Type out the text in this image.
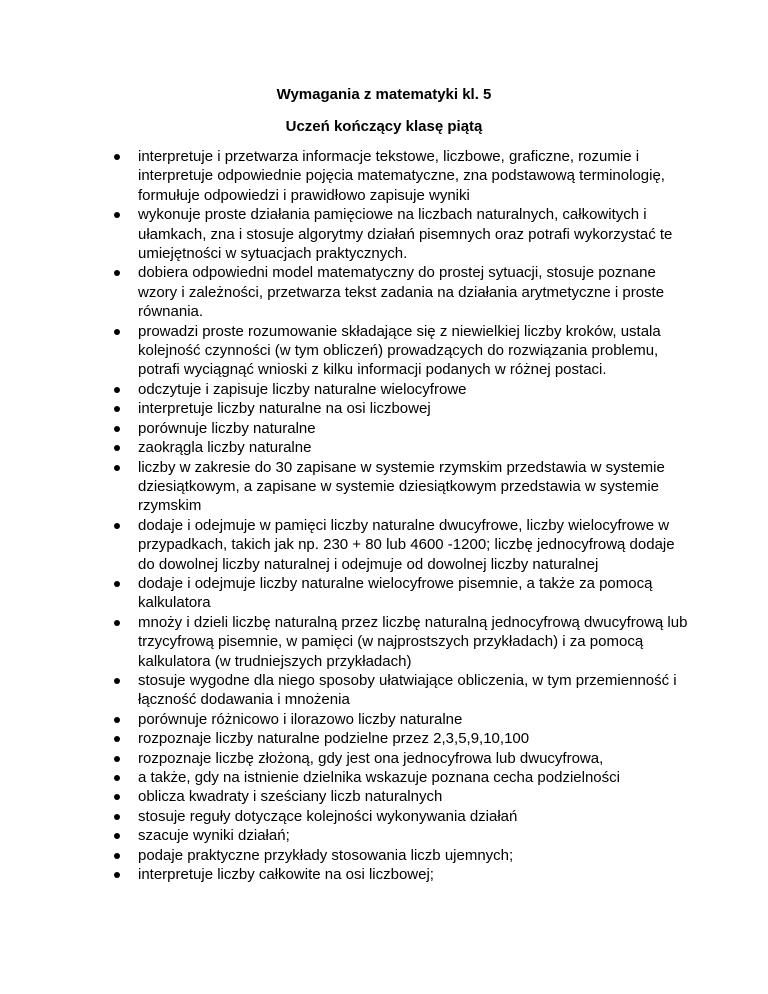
Wymagania z matematyki kl. 5
Uczeń kończący klasę piątą
interpretuje i przetwarza informacje tekstowe, liczbowe, graficzne, rozumie i interpretuje odpowiednie pojęcia matematyczne, zna podstawową terminologię, formułuje odpowiedzi i prawidłowo zapisuje wyniki
wykonuje proste działania pamięciowe na liczbach naturalnych, całkowitych i ułamkach, zna i stosuje algorytmy działań pisemnych oraz potrafi wykorzystać te umiejętności w sytuacjach praktycznych.
dobiera odpowiedni model matematyczny do prostej sytuacji, stosuje poznane wzory i zależności, przetwarza tekst zadania na działania arytmetyczne i proste równania.
prowadzi proste rozumowanie składające się z niewielkiej liczby kroków, ustala kolejność czynności (w tym obliczeń) prowadzących do rozwiązania problemu, potrafi wyciągnąć wnioski z kilku informacji podanych w różnej postaci.
odczytuje i zapisuje liczby naturalne wielocyfrowe
interpretuje liczby naturalne na osi liczbowej
porównuje liczby naturalne
zaokrągla liczby naturalne
liczby w zakresie do 30 zapisane w systemie rzymskim przedstawia w systemie dziesiątkowym, a zapisane w systemie dziesiątkowym przedstawia w systemie rzymskim
dodaje i odejmuje w pamięci liczby naturalne dwucyfrowe, liczby wielocyfrowe w przypadkach, takich jak np. 230 + 80 lub 4600 -1200; liczbę jednocyfrową dodaje do dowolnej liczby naturalnej i odejmuje od dowolnej liczby naturalnej
dodaje i odejmuje liczby naturalne wielocyfrowe pisemnie, a także za pomocą kalkulatora
mnoży i dzieli liczbę naturalną przez liczbę naturalną jednocyfrową dwucyfrową lub trzycyfrową pisemnie, w pamięci (w najprostszych przykładach) i za pomocą kalkulatora (w trudniejszych przykładach)
stosuje wygodne dla niego sposoby ułatwiające obliczenia, w tym przemienność i łączność dodawania i mnożenia
porównuje różnicowo i ilorazowo liczby naturalne
rozpoznaje liczby naturalne podzielne przez 2,3,5,9,10,100
rozpoznaje liczbę złożoną, gdy jest ona jednocyfrowa lub dwucyfrowa,
a także, gdy na istnienie dzielnika wskazuje poznana cecha podzielności
oblicza kwadraty i sześciany liczb naturalnych
stosuje reguły dotyczące kolejności wykonywania działań
szacuje wyniki działań;
podaje praktyczne przykłady stosowania liczb ujemnych;
interpretuje liczby całkowite na osi liczbowej;
